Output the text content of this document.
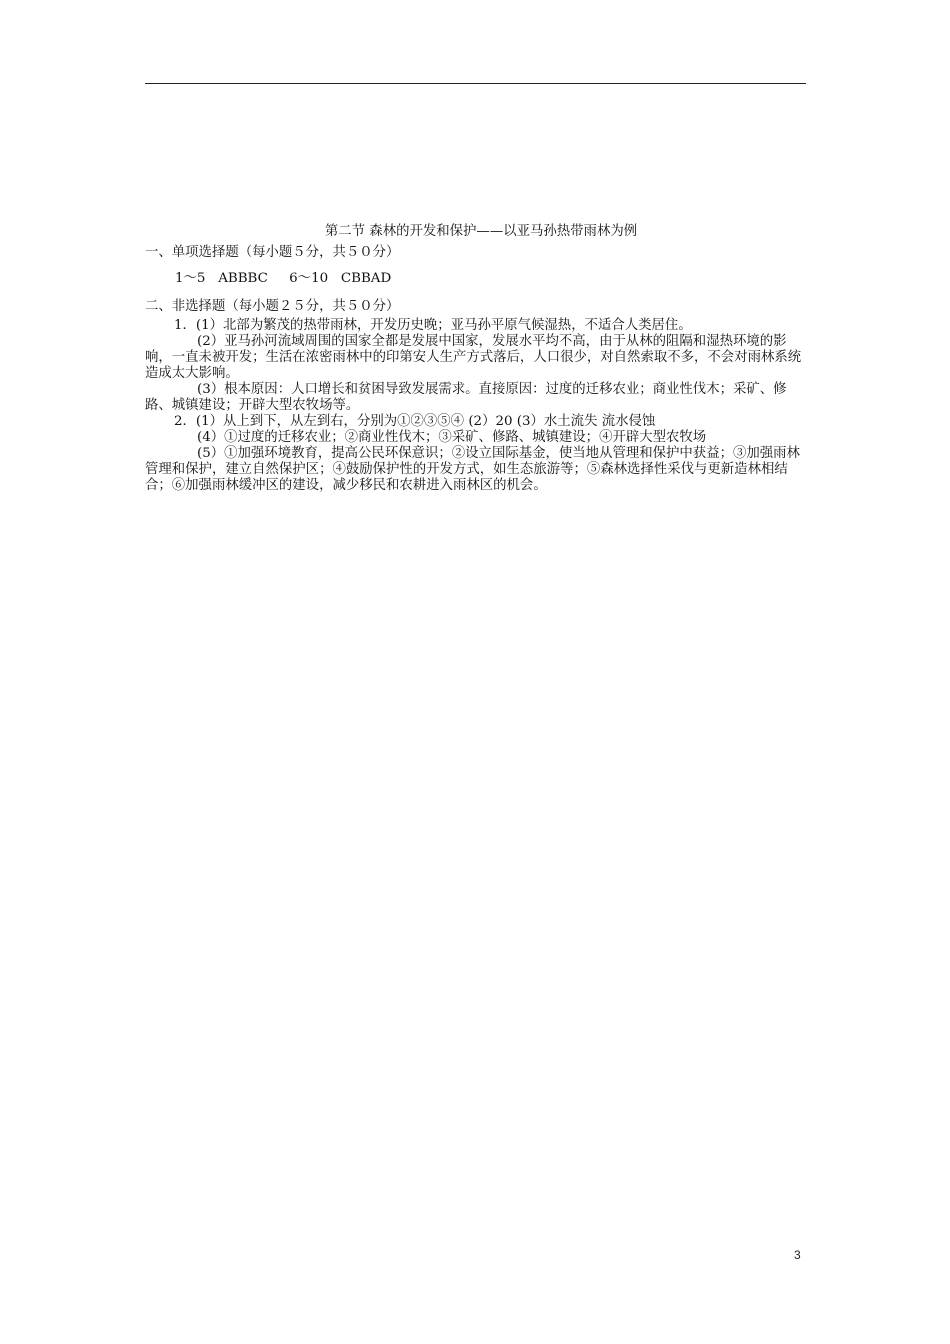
第二节 森林的开发和保护——以亚马孙热带雨林为例

一、单项选择题（每小题５分，共５０分）

1～5   ABBBC     6～10   CBBAD

二、非选择题（每小题２５分，共５０分）

1．(1）北部为繁茂的热带雨林，开发历史晚；亚马孙平原气候湿热，不适合人类居住。

(2）亚马孙河流域周围的国家全都是发展中国家，发展水平均不高，由于从林的阻隔和湿热环境的影响，一直未被开发；生活在浓密雨林中的印第安人生产方式落后，人口很少，对自然索取不多，不会对雨林系统造成太大影响。

(3）根本原因：人口增长和贫困导致发展需求。直接原因：过度的迁移农业；商业性伐木；采矿、修路、城镇建设；开辟大型农牧场等。

2．(1）从上到下，从左到右，分别为①②③⑤④ (2）20 (3）水土流失 流水侵蚀

(4）①过度的迁移农业；②商业性伐木；③采矿、修路、城镇建设；④开辟大型农牧场

(5）①加强环境教育，提高公民环保意识；②设立国际基金，使当地从管理和保护中获益；③加强雨林管理和保护，建立自然保护区；④鼓励保护性的开发方式，如生态旅游等；⑤森林选择性采伐与更新造林相结合；⑥加强雨林缓冲区的建设，减少移民和农耕进入雨林区的机会。

3
